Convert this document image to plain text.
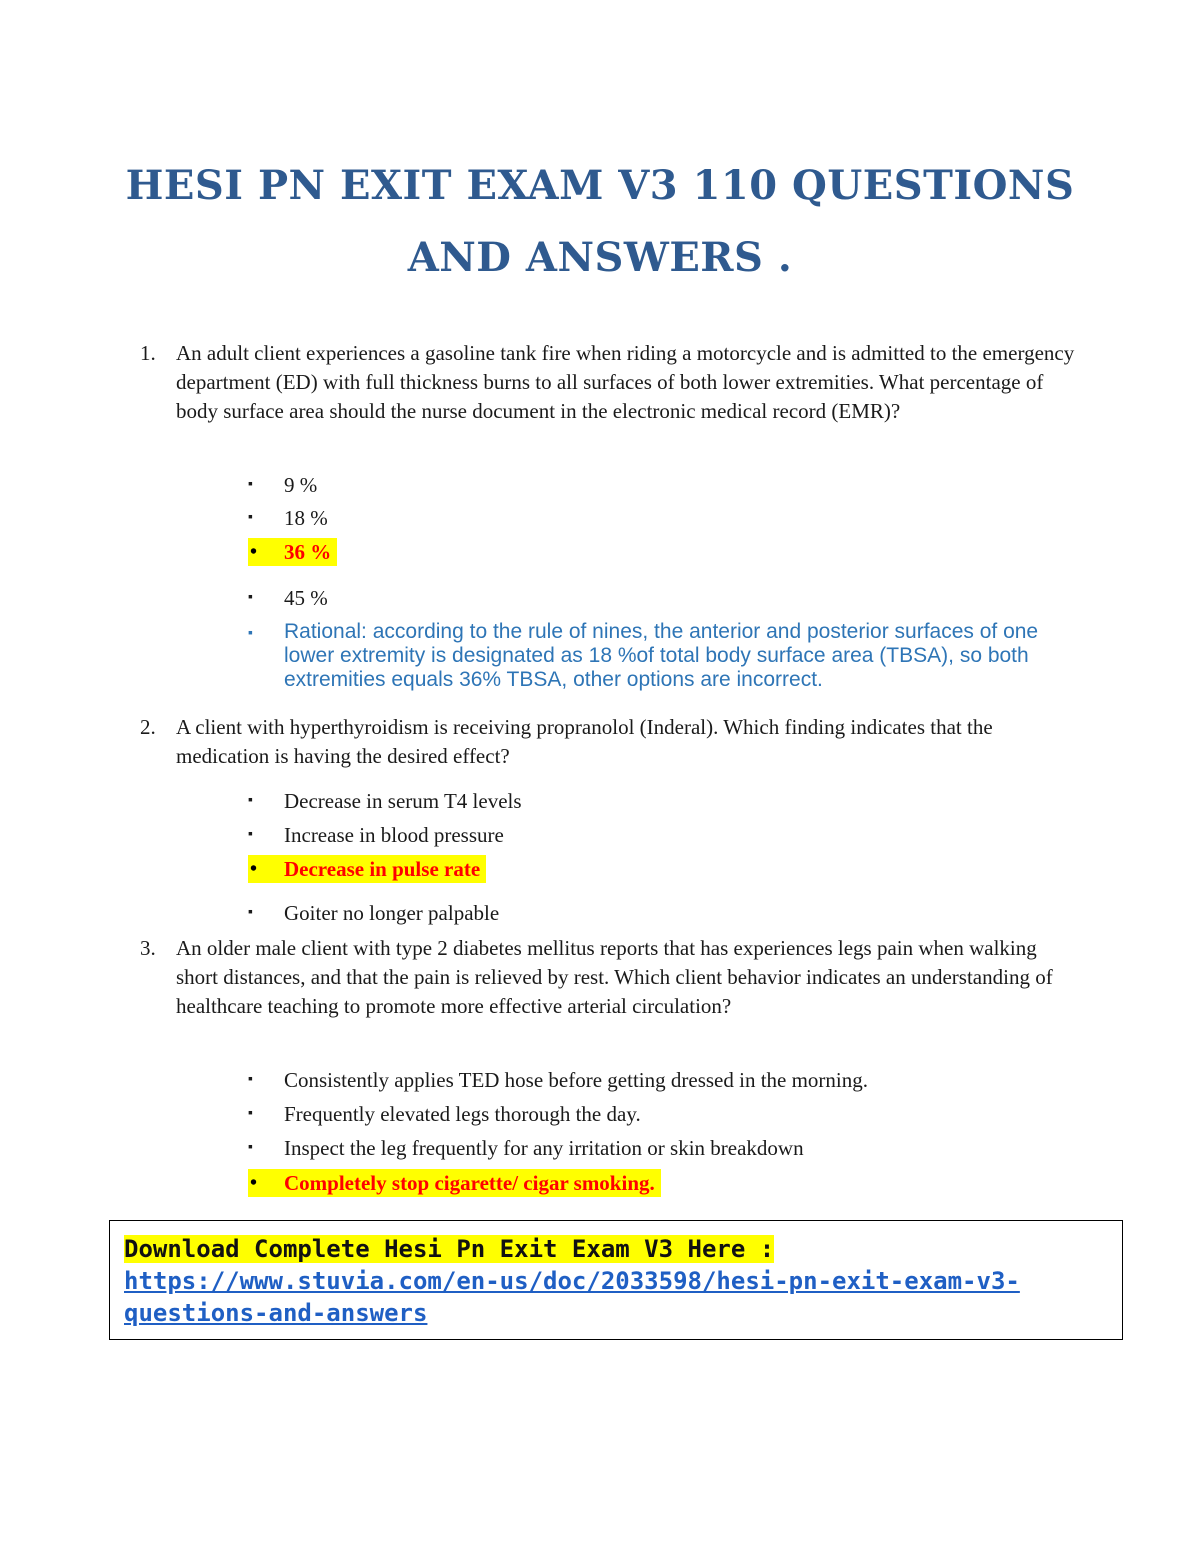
HESI PN EXIT EXAM V3 110 QUESTIONS
AND ANSWERS .
1. An adult client experiences a gasoline tank fire when riding a motorcycle and is admitted to the emergency department (ED) with full thickness burns to all surfaces of both lower extremities. What percentage of body surface area should the nurse document in the electronic medical record (EMR)?
▪ 9 %
▪ 18 %
• 36 %
▪ 45 %
▪	Rational: according to the rule of nines, the anterior and posterior surfaces of one lower extremity is designated as 18 %of total body surface area (TBSA), so both extremities equals 36% TBSA, other options are incorrect.
2. A client with hyperthyroidism is receiving propranolol (Inderal). Which finding indicates that the medication is having the desired effect?
▪ Decrease in serum T4 levels
▪ Increase in blood pressure
• Decrease in pulse rate
▪ Goiter no longer palpable
3. An older male client with type 2 diabetes mellitus reports that has experiences legs pain when walking short distances, and that the pain is relieved by rest. Which client behavior indicates an understanding of healthcare teaching to promote more effective arterial circulation?
▪ Consistently applies TED hose before getting dressed in the morning.
▪ Frequently elevated legs thorough the day.
▪ Inspect the leg frequently for any irritation or skin breakdown
• Completely stop cigarette/ cigar smoking.
Download Complete Hesi Pn Exit Exam V3 Here :
https://www.stuvia.com/en-us/doc/2033598/hesi-pn-exit-exam-v3-
questions-and-answers
